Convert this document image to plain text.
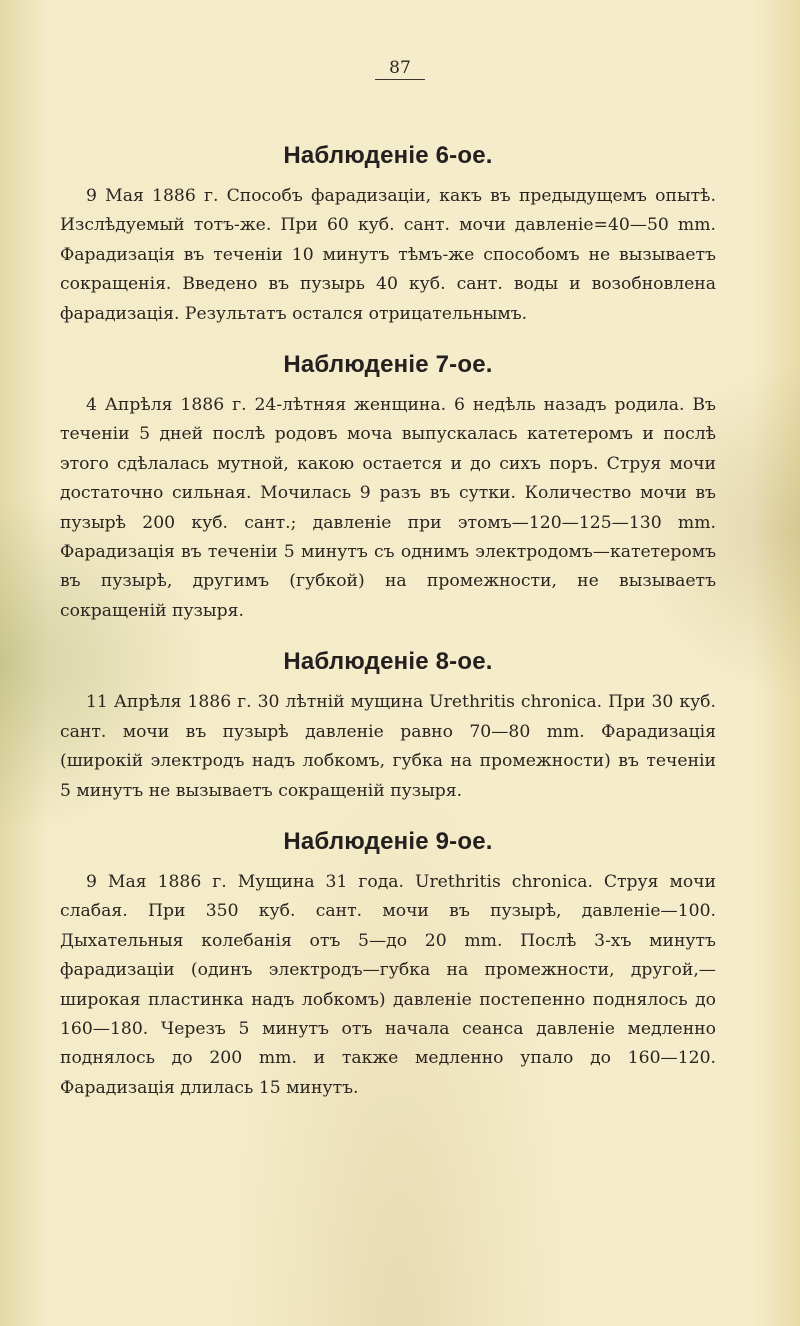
87
Наблюденіе 6-ое.

9 Мая 1886 г. Способъ фарадизаціи, какъ въ предыдущемъ опытѣ. Изслѣдуемый тотъ-же. При 60 куб. сант. мочи давленіе=40—50 mm. Фарадизація въ теченіи 10 минутъ тѣмъ-же способомъ не вызываетъ сокращенія. Введено въ пузырь 40 куб. сант. воды и возобновлена фарадизація. Результатъ остался отрицательнымъ.

Наблюденіе 7-ое.

4 Апрѣля 1886 г. 24-лѣтняя женщина. 6 недѣль назадъ родила. Въ теченіи 5 дней послѣ родовъ моча выпускалась катетеромъ и послѣ этого сдѣлалась мутной, какою остается и до сихъ поръ. Струя мочи достаточно сильная. Мочилась 9 разъ въ сутки. Количество мочи въ пузырѣ 200 куб. сант.; давленіе при этомъ—120—125—130 mm. Фарадизація въ теченіи 5 минутъ съ однимъ электродомъ—катетеромъ въ пузырѣ, другимъ (губкой) на промежности, не вызываетъ сокращеній пузыря.

Наблюденіе 8-ое.

11 Апрѣля 1886 г. 30 лѣтній мущина Urethritis chronica. При 30 куб. сант. мочи въ пузырѣ давленіе равно 70—80 mm. Фарадизація (широкій электродъ надъ лобкомъ, губка на промежности) въ теченіи 5 минутъ не вызываетъ сокращеній пузыря.

Наблюденіе 9-ое.

9 Мая 1886 г. Мущина 31 года. Urethritis chronica. Струя мочи слабая. При 350 куб. сант. мочи въ пузырѣ, давленіе—100. Дыхательныя колебанія отъ 5—до 20 mm. Послѣ 3-хъ минутъ фарадизаціи (одинъ электродъ—губка на промежности, другой,—широкая пластинка надъ лобкомъ) давленіе постепенно поднялось до 160—180. Черезъ 5 минутъ отъ начала сеанса давленіе медленно поднялось до 200 mm. и также медленно упало до 160—120. Фарадизація длилась 15 минутъ.
